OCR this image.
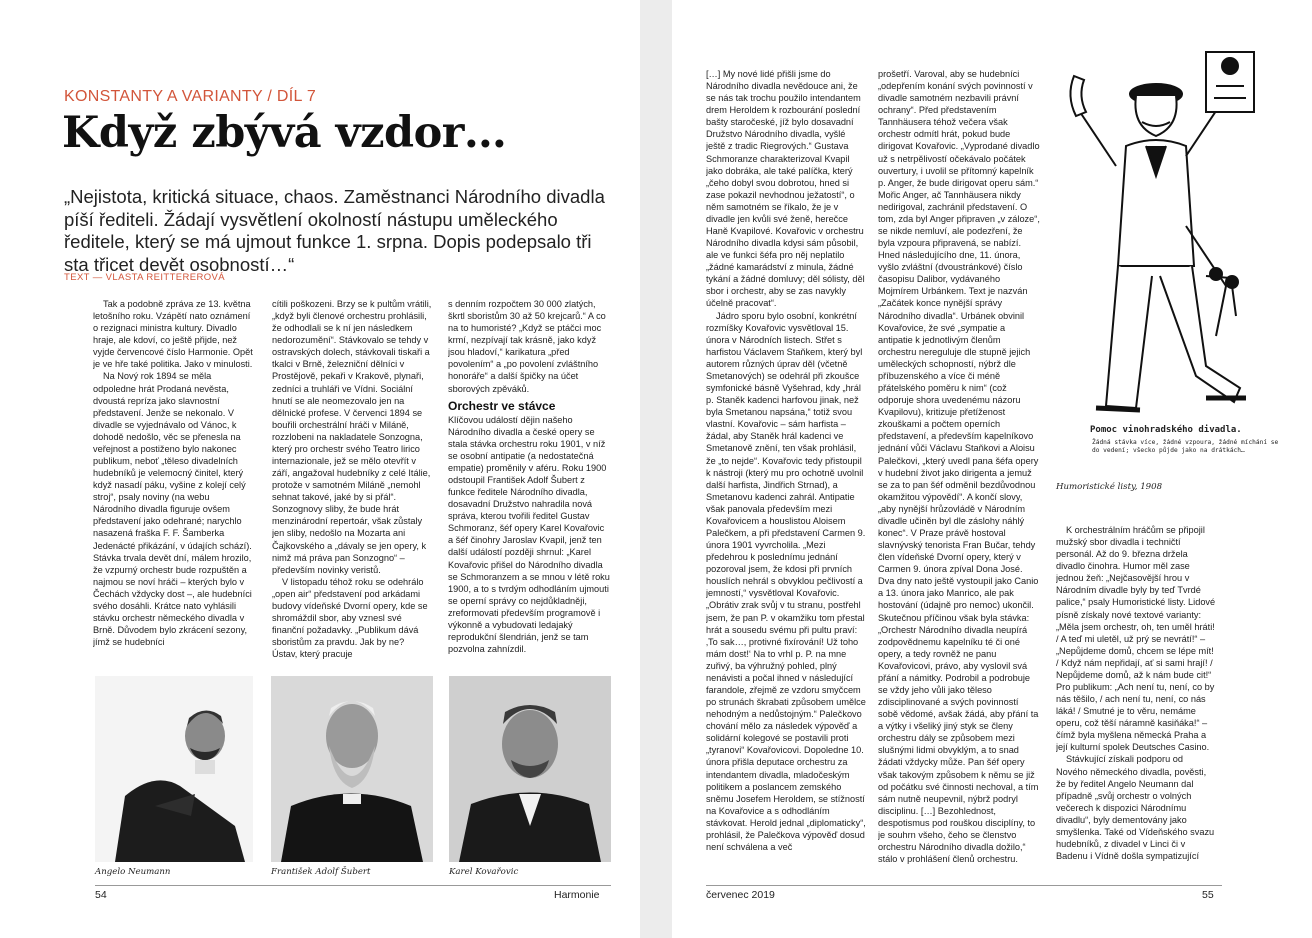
KONSTANTY A VARIANTY / DÍL 7
Když zbývá vzdor…
„Nejistota, kritická situace, chaos. Zaměstnanci Národního divadla píší řediteli. Žádají vysvětlení okolností nástupu uměleckého ředitele, který se má ujmout funkce 1. srpna. Dopis podepsalo tři sta třicet devět osobností…“
TEXT — VLASTA REITTEREROVÁ

Tak a podobně zpráva ze 13. května letošního roku. Vzápětí nato oznámení o rezignaci ministra kultury. Divadlo hraje, ale kdoví, co ještě přijde, než vyjde červencové číslo Harmonie. Opět je ve hře také politika. Jako v minulosti.

Na Nový rok 1894 se měla odpoledne hrát Prodaná nevěsta, dvoustá repríza jako slavnostní představení. Jenže se nekonalo. V divadle se vyjednávalo od Vánoc, k dohodě nedošlo, věc se přenesla na veřejnost a postiženo bylo nakonec publikum, neboť „těleso divadelních hudebníků je velemocný činitel, který když nasadí páku, vyšine z kolejí celý stroj“, psaly noviny (na webu Národního divadla figuruje ovšem představení jako odehrané; narychlo nasazená fraška F. F. Šamberka Jedenácté přikázání, v údajích schází). Stávka trvala devět dní, málem hrozilo, že vzpurný orchestr bude rozpuštěn a najmou se noví hráči – kterých bylo v Čechách vždycky dost –, ale hudebníci svého dosáhli. Krátce nato vyhlásili stávku orchestr německého divadla v Brně. Důvodem bylo zkrácení sezony, jímž se hudebníci

cítili poškozeni. Brzy se k pultům vrátili, „když byli členové orchestru prohlásili, že odhodlali se k ní jen následkem nedorozumění“. Stávkovalo se tehdy v ostravských dolech, stávkovali tiskaři a tkalci v Brně, železniční dělníci v Prostějově, pekaři v Krakově, plynaři, zedníci a truhláři ve Vídni. Sociální hnutí se ale neomezovalo jen na dělnické profese. V červenci 1894 se bouřili orchestrální hráči v Miláně, rozzlobeni na nakladatele Sonzogna, který pro orchestr svého Teatro lirico internazionale, jež se mělo otevřít v září, angažoval hudebníky z celé Itálie, protože v samotném Miláně „nemohl sehnat takové, jaké by si přál“. Sonzognovy sliby, že bude hrát menzinárodní repertoár, však zůstaly jen sliby, nedošlo na Mozarta ani Čajkovského a „dávaly se jen opery, k nimž má práva pan Sonzogno“ – především novinky veristů.

V listopadu téhož roku se odehrálo „open air“ představení pod arkádami budovy vídeňské Dvorní opery, kde se shromáždil sbor, aby vznesl své finanční požadavky. „Publikum dává sboristům za pravdu. Jak by ne? Ústav, který pracuje

s denním rozpočtem 30 000 zlatých, škrtl sboristům 30 až 50 krejcarů.“ A co na to humoristé? „Když se ptáčci moc krmí, nezpívají tak krásně, jako když jsou hladoví,“ karikatura „před povolením“ a „po povolení zvláštního honoráře“ a další špičky na účet sborových zpěváků.

Orchestr ve stávce

Klíčovou událostí dějin našeho Národního divadla a české opery se stala stávka orchestru roku 1901, v níž se osobní antipatie (a nedostatečná empatie) proměnily v aféru. Roku 1900 odstoupil František Adolf Šubert z funkce ředitele Národního divadla, dosavadní Družstvo nahradila nová správa, kterou tvořili ředitel Gustav Schmoranz, šéf opery Karel Kovařovic a šéf činohry Jaroslav Kvapil, jenž ten další událostí později shrnul: „Karel Kovařovic přišel do Národního divadla se Schmoranzem a se mnou v létě roku 1900, a to s tvrdým odhodláním ujmouti se operní správy co nejdůkladněji, zreformovati především programově i výkonně a vybudovati ledajaký reprodukční šlendrián, jenž se tam pozvolna zahnízdil.

Angelo Neumann	František Adolf Šubert	Karel Kovařovic
54	Harmonie

[…] My nové lidé přišli jsme do Národního divadla nevědouce ani, že se nás tak trochu použilo intendantem drem Heroldem k rozbourání poslední bašty staročeské, jíž bylo dosavadní Družstvo Národního divadla, vyšlé ještě z tradic Riegrových.“ Gustava Schmoranze charakterizoval Kvapil jako dobráka, ale také palíčka, který „čeho dobyl svou dobrotou, hned si zase pokazil nevhodnou ježatostí“, o něm samotném se říkalo, že je v divadle jen kvůli své ženě, herečce Haně Kvapilové. Kovařovic v orchestru Národního divadla kdysi sám působil, ale ve funkci šéfa pro něj neplatilo „žádné kamarádství z minula, žádné tykání a žádné domluvy; děl sólisty, děl sbor i orchestr, aby se zas navykly účelně pracovat“.

Jádro sporu bylo osobní, konkrétní rozmíšky Kovařovic vysvětloval 15. února v Národních listech. Střet s harfistou Václavem Staňkem, který byl autorem různých úprav děl (včetně Smetanových) se odehrál při zkoušce symfonické básně Vyšehrad, kdy „hrál p. Staněk kadenci harfovou jinak, než byla Smetanou napsána,“ totiž svou vlastní. Kovařovic – sám harfista – žádal, aby Staněk hrál kadenci ve Smetanově znění, ten však prohlásil, že „to nejde“. Kovařovic tedy přistoupil k nástroji (který mu pro ochotně uvolnil další harfista, Jindřich Strnad), a Smetanovu kadenci zahrál. Antipatie však panovala především mezi Kovařovicem a houslistou Aloisem Palečkem, a při představení Carmen 9. února 1901 vyvrcholila. „Mezi předehrou k poslednímu jednání pozoroval jsem, že kdosi při prvních houslích nehrál s obvyklou pečlivostí a jemností,“ vysvětloval Kovařovic. „Obrátiv zrak svůj v tu stranu, postřehl jsem, že pan P. v okamžiku tom přestal hrát a sousedu svému při pultu praví: ‚To sak…, protivné fixírování! Už toho mám dost!‘ Na to vrhl p. P. na mne zuřivý, ba výhružný pohled, plný nenávisti a počal ihned v následující farandole, zřejmě ze vzdoru smyčcem po strunách škrabati způsobem umělce nehodným a nedůstojným.“ Palečkovo chování mělo za následek výpověď a solidární kolegové se postavili proti „tyranovi“ Kovařovicovi. Dopoledne 10. února přišla deputace orchestru za intendantem divadla, mladočeským politikem a poslancem zemského sněmu Josefem Heroldem, se stížností na Kovařovice a s odhodláním stávkovat. Herold jednal „diplomaticky“, prohlásil, že Palečkova výpověď dosud není schválena a več

prošetří. Varoval, aby se hudebníci „odepřením konání svých povinností v divadle samotném nezbavili právní ochrany“. Před představením Tannhäusera téhož večera však orchestr odmítl hrát, pokud bude dirigovat Kovařovic. „Vyprodané divadlo už s netrpělivostí očekávalo počátek ouvertury, i uvolil se přítomný kapelník p. Anger, že bude dirigovat operu sám.“ Mořic Anger, ač Tannhäusera nikdy nedirigoval, zachránil představení. O tom, zda byl Anger připraven „v záloze“, se nikde nemluví, ale podezření, že byla vzpoura připravená, se nabízí. Hned následujícího dne, 11. února, vyšlo zvláštní (dvoustránkové) číslo časopisu Dalibor, vydávaného Mojmírem Urbánkem. Text je nazván „Začátek konce nynější správy Národního divadla“. Urbánek obvinil Kovařovice, že své „sympatie a antipatie k jednotlivým členům orchestru nereguluje dle stupně jejich uměleckých schopností, nýbrž dle příbuzenského a více či méně přátelského poměru k nim“ (což odporuje shora uvedenému názoru Kvapilovu), kritizuje přetíženost zkouškami a počtem operních představení, a především kapelníkovo jednání vůči Václavu Staňkovi a Aloisu Palečkovi, „který uvedl pana šéfa opery v hudební život jako dirigenta a jemuž se za to pan šéf odměnil bezdůvodnou okamžitou výpovědí“. A končí slovy, „aby nynější hrůzovládě v Národním divadle učiněn byl dle záslohy náhlý konec“. V Praze právě hostoval slavnývský tenorista Fran Bučar, tehdy člen vídeňské Dvorní opery, který v Carmen 9. února zpíval Dona José. Dva dny nato ještě vystoupil jako Canio a 13. února jako Manrico, ale pak hostování (údajně pro nemoc) ukončil. Skutečnou příčinou však byla stávka: „Orchestr Národního divadla neupírá zodpovědnemu kapelníku té či oné opery, a tedy rovněž ne panu Kovařovicovi, právo, aby vyslovil svá přání a námitky. Podrobil a podrobuje se vždy jeho vůli jako těleso zdisciplinované a svých povinností sobě vědomé, avšak žádá, aby přání ta a výtky i všeliký jiný styk se členy orchestru dály se způsobem mezi slušnými lidmi obvyklým, a to snad žádati vždycky může. Pan šéf opery však takovým způsobem k němu se již od počátku své činnosti nechoval, a tím sám nutně neupevnil, nýbrž podryl disciplinu. […] Bezohlednost, despotismus pod rouškou disciplíny, to je souhrn všeho, čeho se členstvo orchestru Národního divadla dožilo,“ stálo v prohlášení členů orchestru.

Pomoc vinohradského divadla.
Žádná stávka více, žádné vzpoura, žádné míchání se do vedení; všecko půjde jako na drátkách…
Humoristické listy, 1908

K orchestrálním hráčům se připojil mužský sbor divadla i techničtí personál. Až do 9. března držela divadlo činohra. Humor měl zase jednou žeň: „Nejčasovější hrou v Národním divadle byly by teď Tvrdé palice,“ psaly Humoristické listy. Lidové písně získaly nové textové varianty: „Měla jsem orchestr, oh, ten uměl hráti! / A teď mi uletěl, už prý se nevrátí!“ – „Nepůjdeme domů, chcem se lépe mít! / Když nám nepřidají, ať si sami hrají! / Nepůjdeme domů, až k nám bude cit!“ Pro publikum: „Ach není tu, není, co by nás těšilo, / ach není tu, není, co nás láká! / Smutné je to věru, nemáme operu, což těší náramně kasiňáka!“ – čímž byla myšlena německá Praha a její kulturní spolek Deutsches Casino.

Stávkující získali podporu od Nového německého divadla, pověsti, že by ředitel Angelo Neumann dal případně „svůj orchestr o volných večerech k dispozici Národnímu divadlu“, byly dementovány jako smyšlenka. Také od Vídeňského svazu hudebníků, z divadel v Linci či v Badenu i Vídně došla sympatizující

červenec 2019	55
